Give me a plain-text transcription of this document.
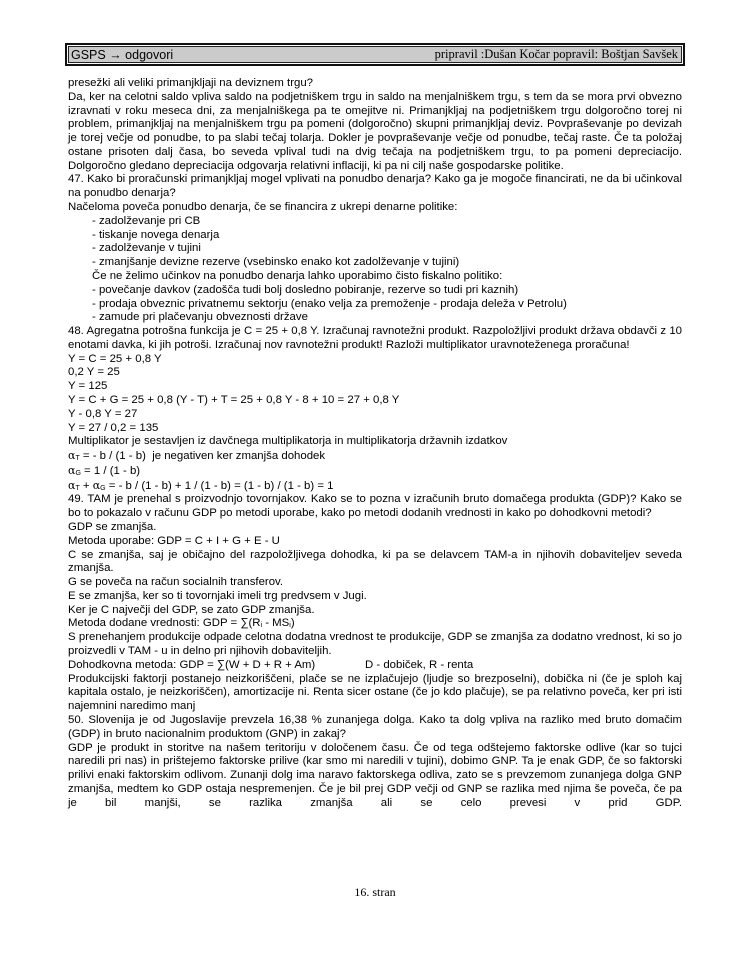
GSPS → odgovori	pripravil :Dušan Kočar popravil: Boštjan Savšek

presežki ali veliki primanjkljaji na deviznem trgu?

Da, ker na celotni saldo vpliva saldo na podjetniškem trgu in saldo na menjalniškem trgu, s tem da se mora prvi obvezno izravnati v roku meseca dni, za menjalniškega pa te omejitve ni. Primanjkljaj na podjetniškem trgu dolgoročno torej ni problem, primanjkljaj na menjalniškem trgu pa pomeni (dolgoročno) skupni primanjkljaj deviz. Povpraševanje po devizah je torej večje od ponudbe, to pa slabi tečaj tolarja. Dokler je povpraševanje večje od ponudbe, tečaj raste. Če ta položaj ostane prisoten dalj časa, bo seveda vplival tudi na dvig tečaja na podjetniškem trgu, to pa pomeni depreciacijo. Dolgoročno gledano depreciacija odgovarja relativni inflaciji, ki pa ni cilj naše gospodarske politike.

47. Kako bi proračunski primanjkljaj mogel vplivati na ponudbo denarja? Kako ga je mogoče financirati, ne da bi učinkoval na ponudbo denarja?

Načeloma poveča ponudbo denarja, če se financira z ukrepi denarne politike:

- zadolževanje pri CB

- tiskanje novega denarja

- zadolževanje v tujini

- zmanjšanje devizne rezerve (vsebinsko enako kot zadolževanje v tujini)

Če ne želimo učinkov na ponudbo denarja lahko uporabimo čisto fiskalno politiko:

- povečanje davkov (zadošča tudi bolj dosledno pobiranje, rezerve so tudi pri kaznih)

- prodaja obveznic privatnemu sektorju (enako velja za premoženje - prodaja deleža v Petrolu)

- zamude pri plačevanju obveznosti države

48. Agregatna potrošna funkcija je C = 25 + 0,8 Y. Izračunaj ravnotežni produkt. Razpoložljivi produkt država obdavči z 10 enotami davka, ki jih potroši. Izračunaj nov ravnotežni produkt! Razloži multiplikator uravnoteženega proračuna!

Y = C = 25 + 0,8 Y

0,2 Y = 25

Y = 125

Y = C + G = 25 + 0,8 (Y - T) + T = 25 + 0,8 Y - 8 + 10 = 27 + 0,8 Y

Y - 0,8 Y = 27

Y = 27 / 0,2 = 135

Multiplikator je sestavljen iz davčnega multiplikatorja in multiplikatorja državnih izdatkov

$\alpha_T$ = - b / (1 - b)  je negativen ker zmanjša dohodek

$\alpha_G = 1 / (1 - b)$

$\alpha_T + \alpha_G$ = - b / (1 - b) + 1 / (1 - b) = (1 - b) / (1 - b) = 1

49. TAM je prenehal s proizvodnjo tovornjakov. Kako se to pozna v izračunih bruto domačega produkta (GDP)? Kako se bo to pokazalo v računu GDP po metodi uporabe, kako po metodi dodanih vrednosti in kako po dohodkovni metodi?

GDP se zmanjša.

Metoda uporabe: GDP = C + I + G + E - U

C se zmanjša, saj je običajno del razpoložljivega dohodka, ki pa se delavcem TAM-a in njihovih dobaviteljev seveda zmanjša.

G se poveča na račun socialnih transferov.

E se zmanjša, ker so ti tovornjaki imeli trg predvsem v Jugi.

Ker je C največji del GDP, se zato GDP zmanjša.

Metoda dodane vrednosti: GDP = $\sum(R_i - MS_i)$

S prenehanjem produkcije odpade celotna dodatna vrednost te produkcije, GDP se zmanjša za dodatno vrednost, ki so jo proizvedli v TAM - u in delno pri njihovih dobaviteljih.

Dohodkovna metoda: GDP = ∑(W + D + R + Am)	D - dobiček, R - renta

Produkcijski faktorji postanejo neizkoriščeni, plače se ne izplačujejo (ljudje so brezposelni), dobička ni (če je sploh kaj kapitala ostalo, je neizkoriščen), amortizacije ni. Renta sicer ostane (če jo kdo plačuje), se pa relativno poveča, ker pri isti najemnini naredimo manj

50. Slovenija je od Jugoslavije prevzela 16,38 % zunanjega dolga. Kako ta dolg vpliva na razliko med bruto domačim (GDP) in bruto nacionalnim produktom (GNP) in zakaj?

GDP je produkt in storitve na našem teritoriju v določenem času. Če od tega odštejemo faktorske odlive (kar so tujci naredili pri nas) in prištejemo faktorske prilive (kar smo mi naredili v tujini), dobimo GNP. Ta je enak GDP, če so faktorski prilivi enaki faktorskim odlivom. Zunanji dolg ima naravo faktorskega odliva, zato se s prevzemom zunanjega dolga GNP zmanjša, medtem ko GDP ostaja nespremenjen. Če je bil prej GDP večji od GNP se razlika med njima še poveča, če pa je bil manjši, se razlika zmanjša ali se celo prevesi v prid GDP.

16. stran
